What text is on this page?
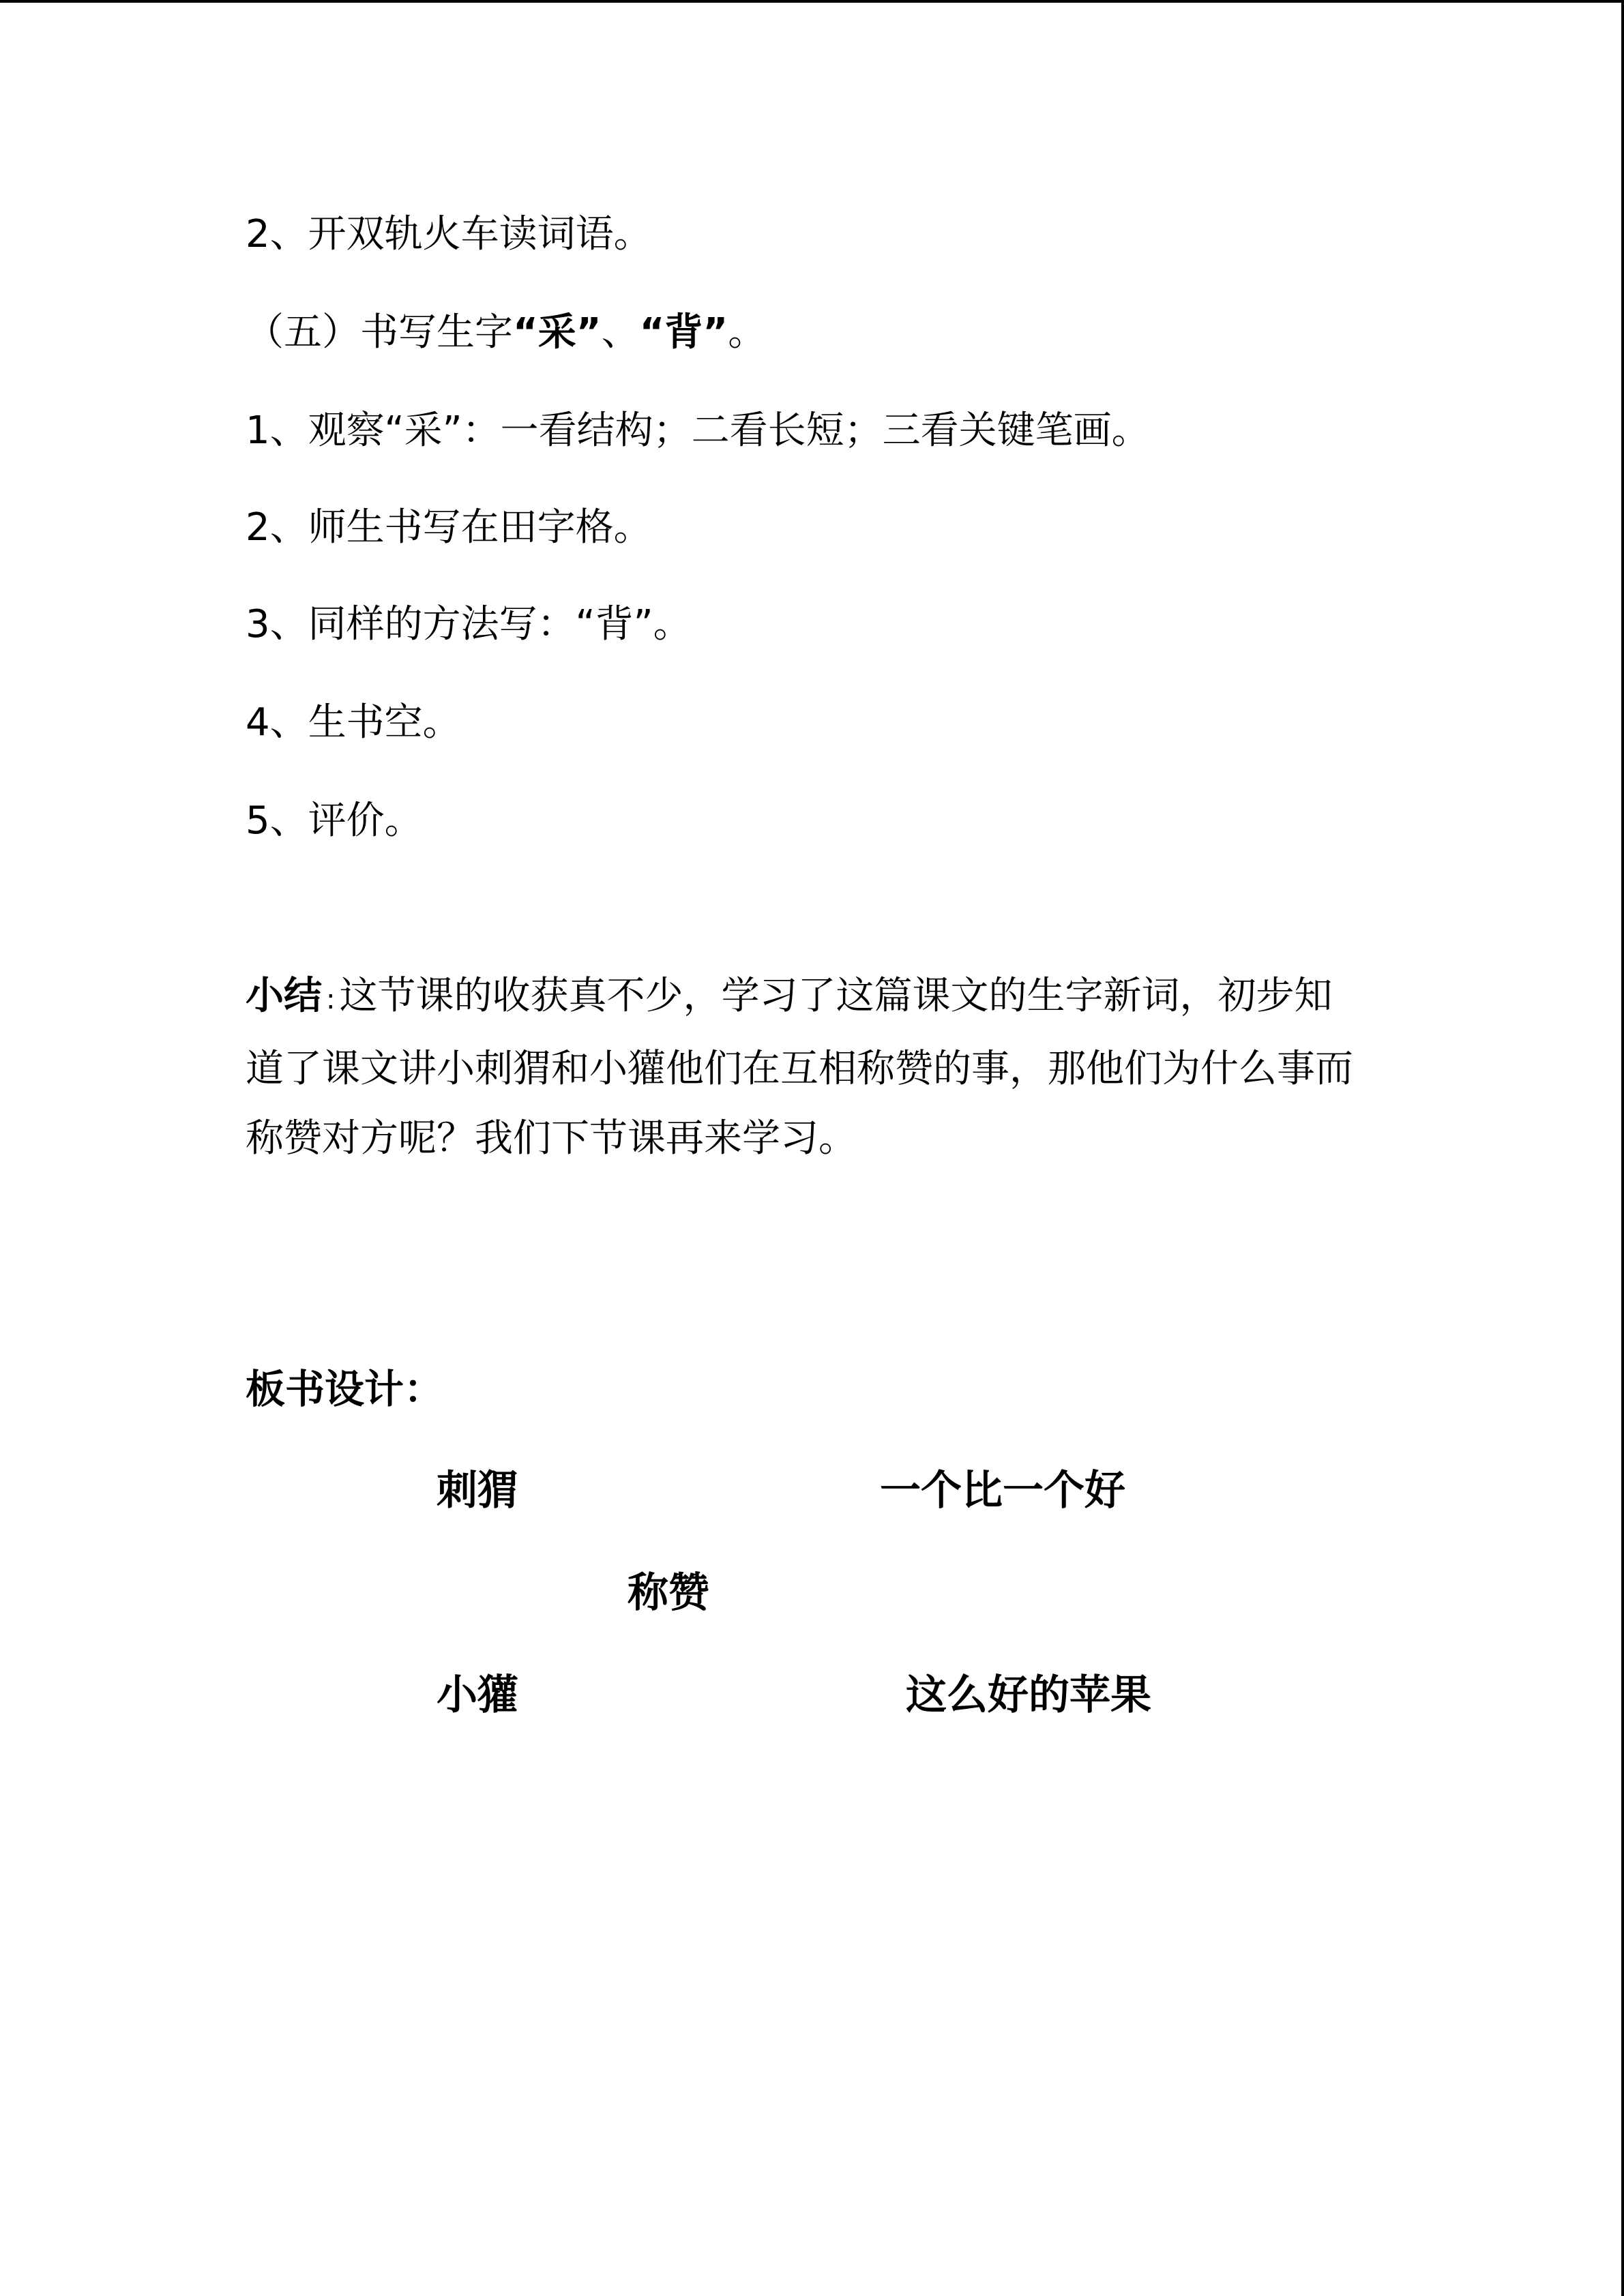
2、开双轨火车读词语。
（五）书写生字“采”、“背”。
1、观察“采”：一看结构；二看长短；三看关键笔画。
2、师生书写在田字格。
3、同样的方法写：“背”。
4、生书空。
5、评价。
小结 : 这节课的收获真不少，学习了这篇课文的生字新词，初步知道了课文讲小刺猬和小獾他们在互相称赞的事，那他们为什么事而称赞对方呢？我们下节课再来学习。
板书设计：
刺猬	一个比一个好
称赞
小獾	这么好的苹果
